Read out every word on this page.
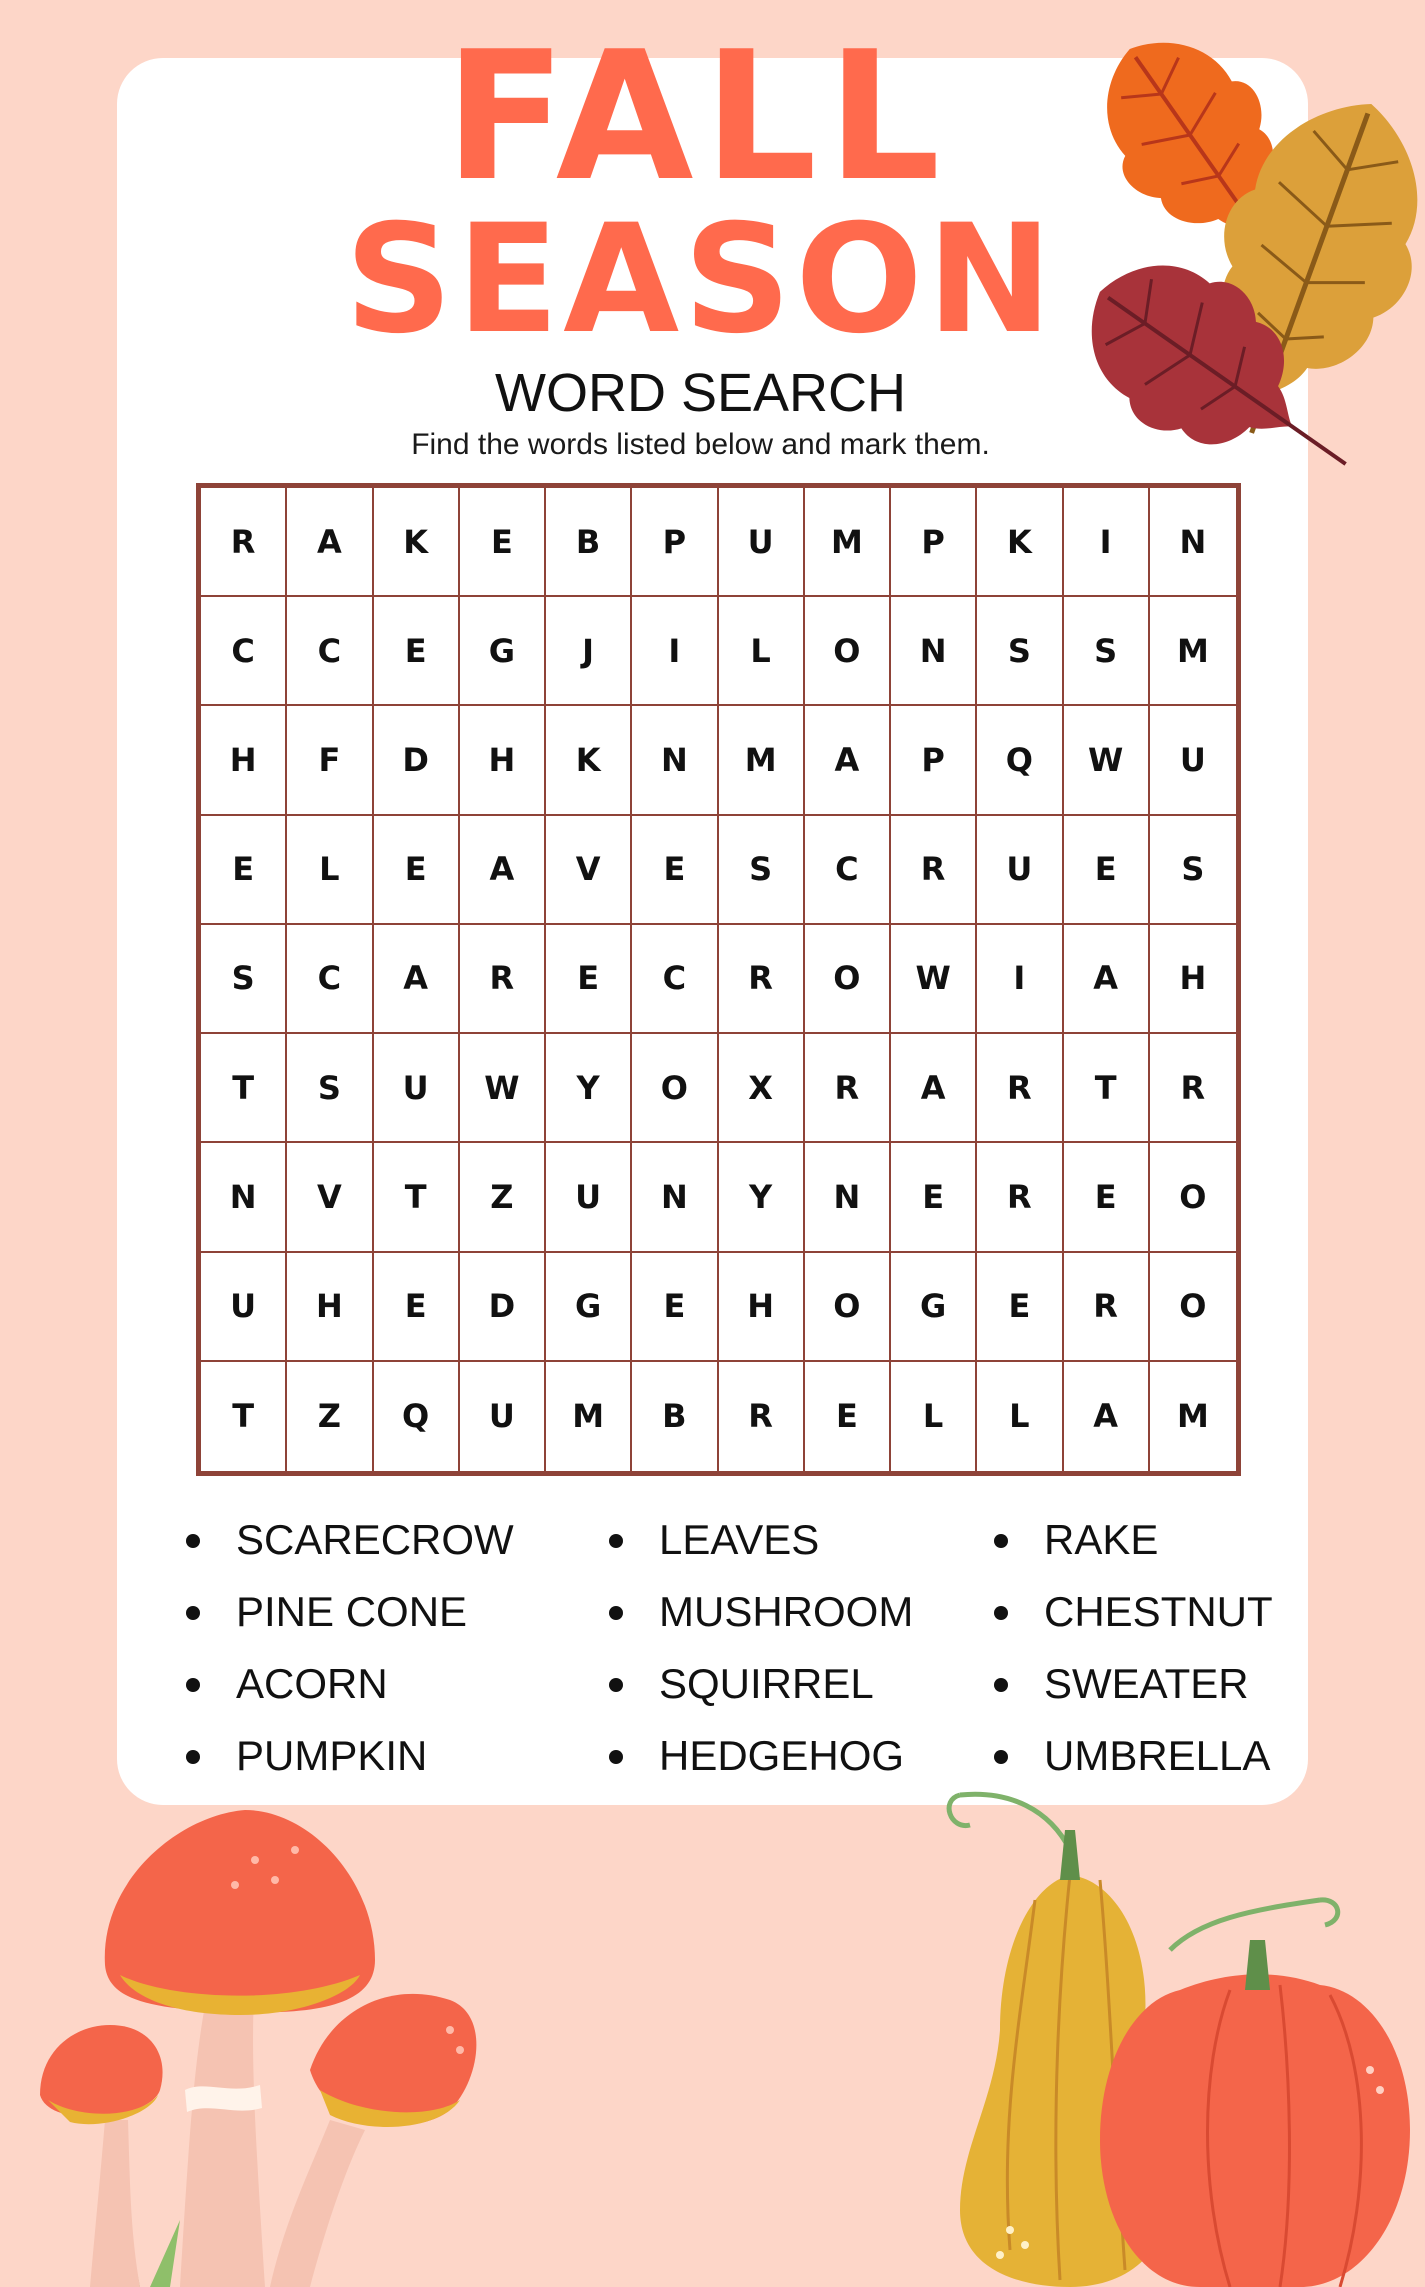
FALL
SEASON
WORD SEARCH
Find the words listed below and mark them.
R	A	K	E	B	P	U	M	P	K	I	N
C	C	E	G	J	I	L	O	N	S	S	M
H	F	D	H	K	N	M	A	P	Q	W	U
E	L	E	A	V	E	S	C	R	U	E	S
S	C	A	R	E	C	R	O	W	I	A	H
T	S	U	W	Y	O	X	R	A	R	T	R
N	V	T	Z	U	N	Y	N	E	R	E	O
U	H	E	D	G	E	H	O	G	E	R	O
T	Z	Q	U	M	B	R	E	L	L	A	M
SCARECROW
PINE CONE
ACORN
PUMPKIN
LEAVES
MUSHROOM
SQUIRREL
HEDGEHOG
RAKE
CHESTNUT
SWEATER
UMBRELLA
